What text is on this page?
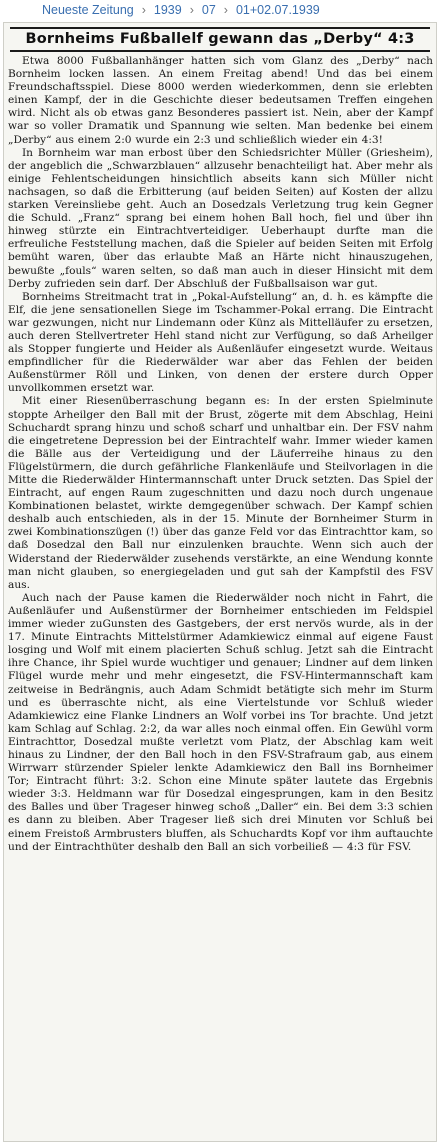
Neueste Zeitung › 1939 › 07 › 01+02.07.1939
Bornheims Fußballelf gewann das „Derby“ 4:3

Etwa 8000 Fußballanhänger hatten sich vom Glanz des „Derby“ nach Bornheim locken lassen. An einem Freitag abend! Und das bei einem Freundschaftsspiel. Diese 8000 werden wiederkommen, denn sie erlebten einen Kampf, der in die Geschichte dieser bedeutsamen Treffen eingehen wird. Nicht als ob etwas ganz Besonderes passiert ist. Nein, aber der Kampf war so voller Dramatik und Spannung wie selten. Man bedenke bei einem „Derby“ aus einem 2:0 wurde ein 2:3 und schließlich wieder ein 4:3!

In Bornheim war man erbost über den Schiedsrichter Müller (Griesheim), der angeblich die „Schwarzblauen“ allzusehr benachteiligt hat. Aber mehr als einige Fehlentscheidungen hinsichtlich abseits kann sich Müller nicht nachsagen, so daß die Erbitterung (auf beiden Seiten) auf Kosten der allzu starken Vereinsliebe geht. Auch an Dosedzals Verletzung trug kein Gegner die Schuld. „Franz“ sprang bei einem hohen Ball hoch, fiel und über ihn hinweg stürzte ein Eintrachtverteidiger. Ueberhaupt durfte man die erfreuliche Feststellung machen, daß die Spieler auf beiden Seiten mit Erfolg bemüht waren, über das erlaubte Maß an Härte nicht hinauszugehen, bewußte „fouls“ waren selten, so daß man auch in dieser Hinsicht mit dem Derby zufrieden sein darf. Der Abschluß der Fußballsaison war gut.

Bornheims Streitmacht trat in „Pokal-Aufstellung“ an, d. h. es kämpfte die Elf, die jene sensationellen Siege im Tschammer-Pokal errang. Die Eintracht war gezwungen, nicht nur Lindemann oder Künz als Mittelläufer zu ersetzen, auch deren Stellvertreter Hehl stand nicht zur Verfügung, so daß Arheilger als Stopper fungierte und Heider als Außenläufer eingesetzt wurde. Weitaus empfindlicher für die Riederwälder war aber das Fehlen der beiden Außenstürmer Röll und Linken, von denen der erstere durch Opper unvollkommen ersetzt war.

Mit einer Riesenüberraschung begann es: In der ersten Spielminute stoppte Arheilger den Ball mit der Brust, zögerte mit dem Abschlag, Heini Schuchardt sprang hinzu und schoß scharf und unhaltbar ein. Der FSV nahm die eingetretene Depression bei der Eintrachtelf wahr. Immer wieder kamen die Bälle aus der Verteidigung und der Läuferreihe hinaus zu den Flügelstürmern, die durch gefährliche Flankenläufe und Steilvorlagen in die Mitte die Riederwälder Hintermannschaft unter Druck setzten. Das Spiel der Eintracht, auf engen Raum zugeschnitten und dazu noch durch ungenaue Kombinationen belastet, wirkte demgegenüber schwach. Der Kampf schien deshalb auch entschieden, als in der 15. Minute der Bornheimer Sturm in zwei Kombinationszügen (!) über das ganze Feld vor das Eintrachttor kam, so daß Dosedzal den Ball nur einzulenken brauchte. Wenn sich auch der Widerstand der Riederwälder zusehends verstärkte, an eine Wendung konnte man nicht glauben, so energiegeladen und gut sah der Kampfstil des FSV aus.

Auch nach der Pause kamen die Riederwälder noch nicht in Fahrt, die Außenläufer und Außenstürmer der Bornheimer entschieden im Feldspiel immer wieder zuGunsten des Gastgebers, der erst nervös wurde, als in der 17. Minute Eintrachts Mittelstürmer Adamkiewicz einmal auf eigene Faust losging und Wolf mit einem placierten Schuß schlug. Jetzt sah die Eintracht ihre Chance, ihr Spiel wurde wuchtiger und genauer; Lindner auf dem linken Flügel wurde mehr und mehr eingesetzt, die FSV-Hintermannschaft kam zeitweise in Bedrängnis, auch Adam Schmidt betätigte sich mehr im Sturm und es überraschte nicht, als eine Viertelstunde vor Schluß wieder Adamkiewicz eine Flanke Lindners an Wolf vorbei ins Tor brachte. Und jetzt kam Schlag auf Schlag. 2:2, da war alles noch einmal offen. Ein Gewühl vorm Eintrachttor, Dosedzal mußte verletzt vom Platz, der Abschlag kam weit hinaus zu Lindner, der den Ball hoch in den FSV-Strafraum gab, aus einem Wirrwarr stürzender Spieler lenkte Adamkiewicz den Ball ins Bornheimer Tor; Eintracht führt: 3:2. Schon eine Minute später lautete das Ergebnis wieder 3:3. Heldmann war für Dosedzal eingesprungen, kam in den Besitz des Balles und über Trageser hinweg schoß „Daller“ ein. Bei dem 3:3 schien es dann zu bleiben. Aber Trageser ließ sich drei Minuten vor Schluß bei einem Freistoß Armbrusters bluffen, als Schuchardts Kopf vor ihm auftauchte und der Eintrachthüter deshalb den Ball an sich vorbeiließ — 4:3 für FSV.
